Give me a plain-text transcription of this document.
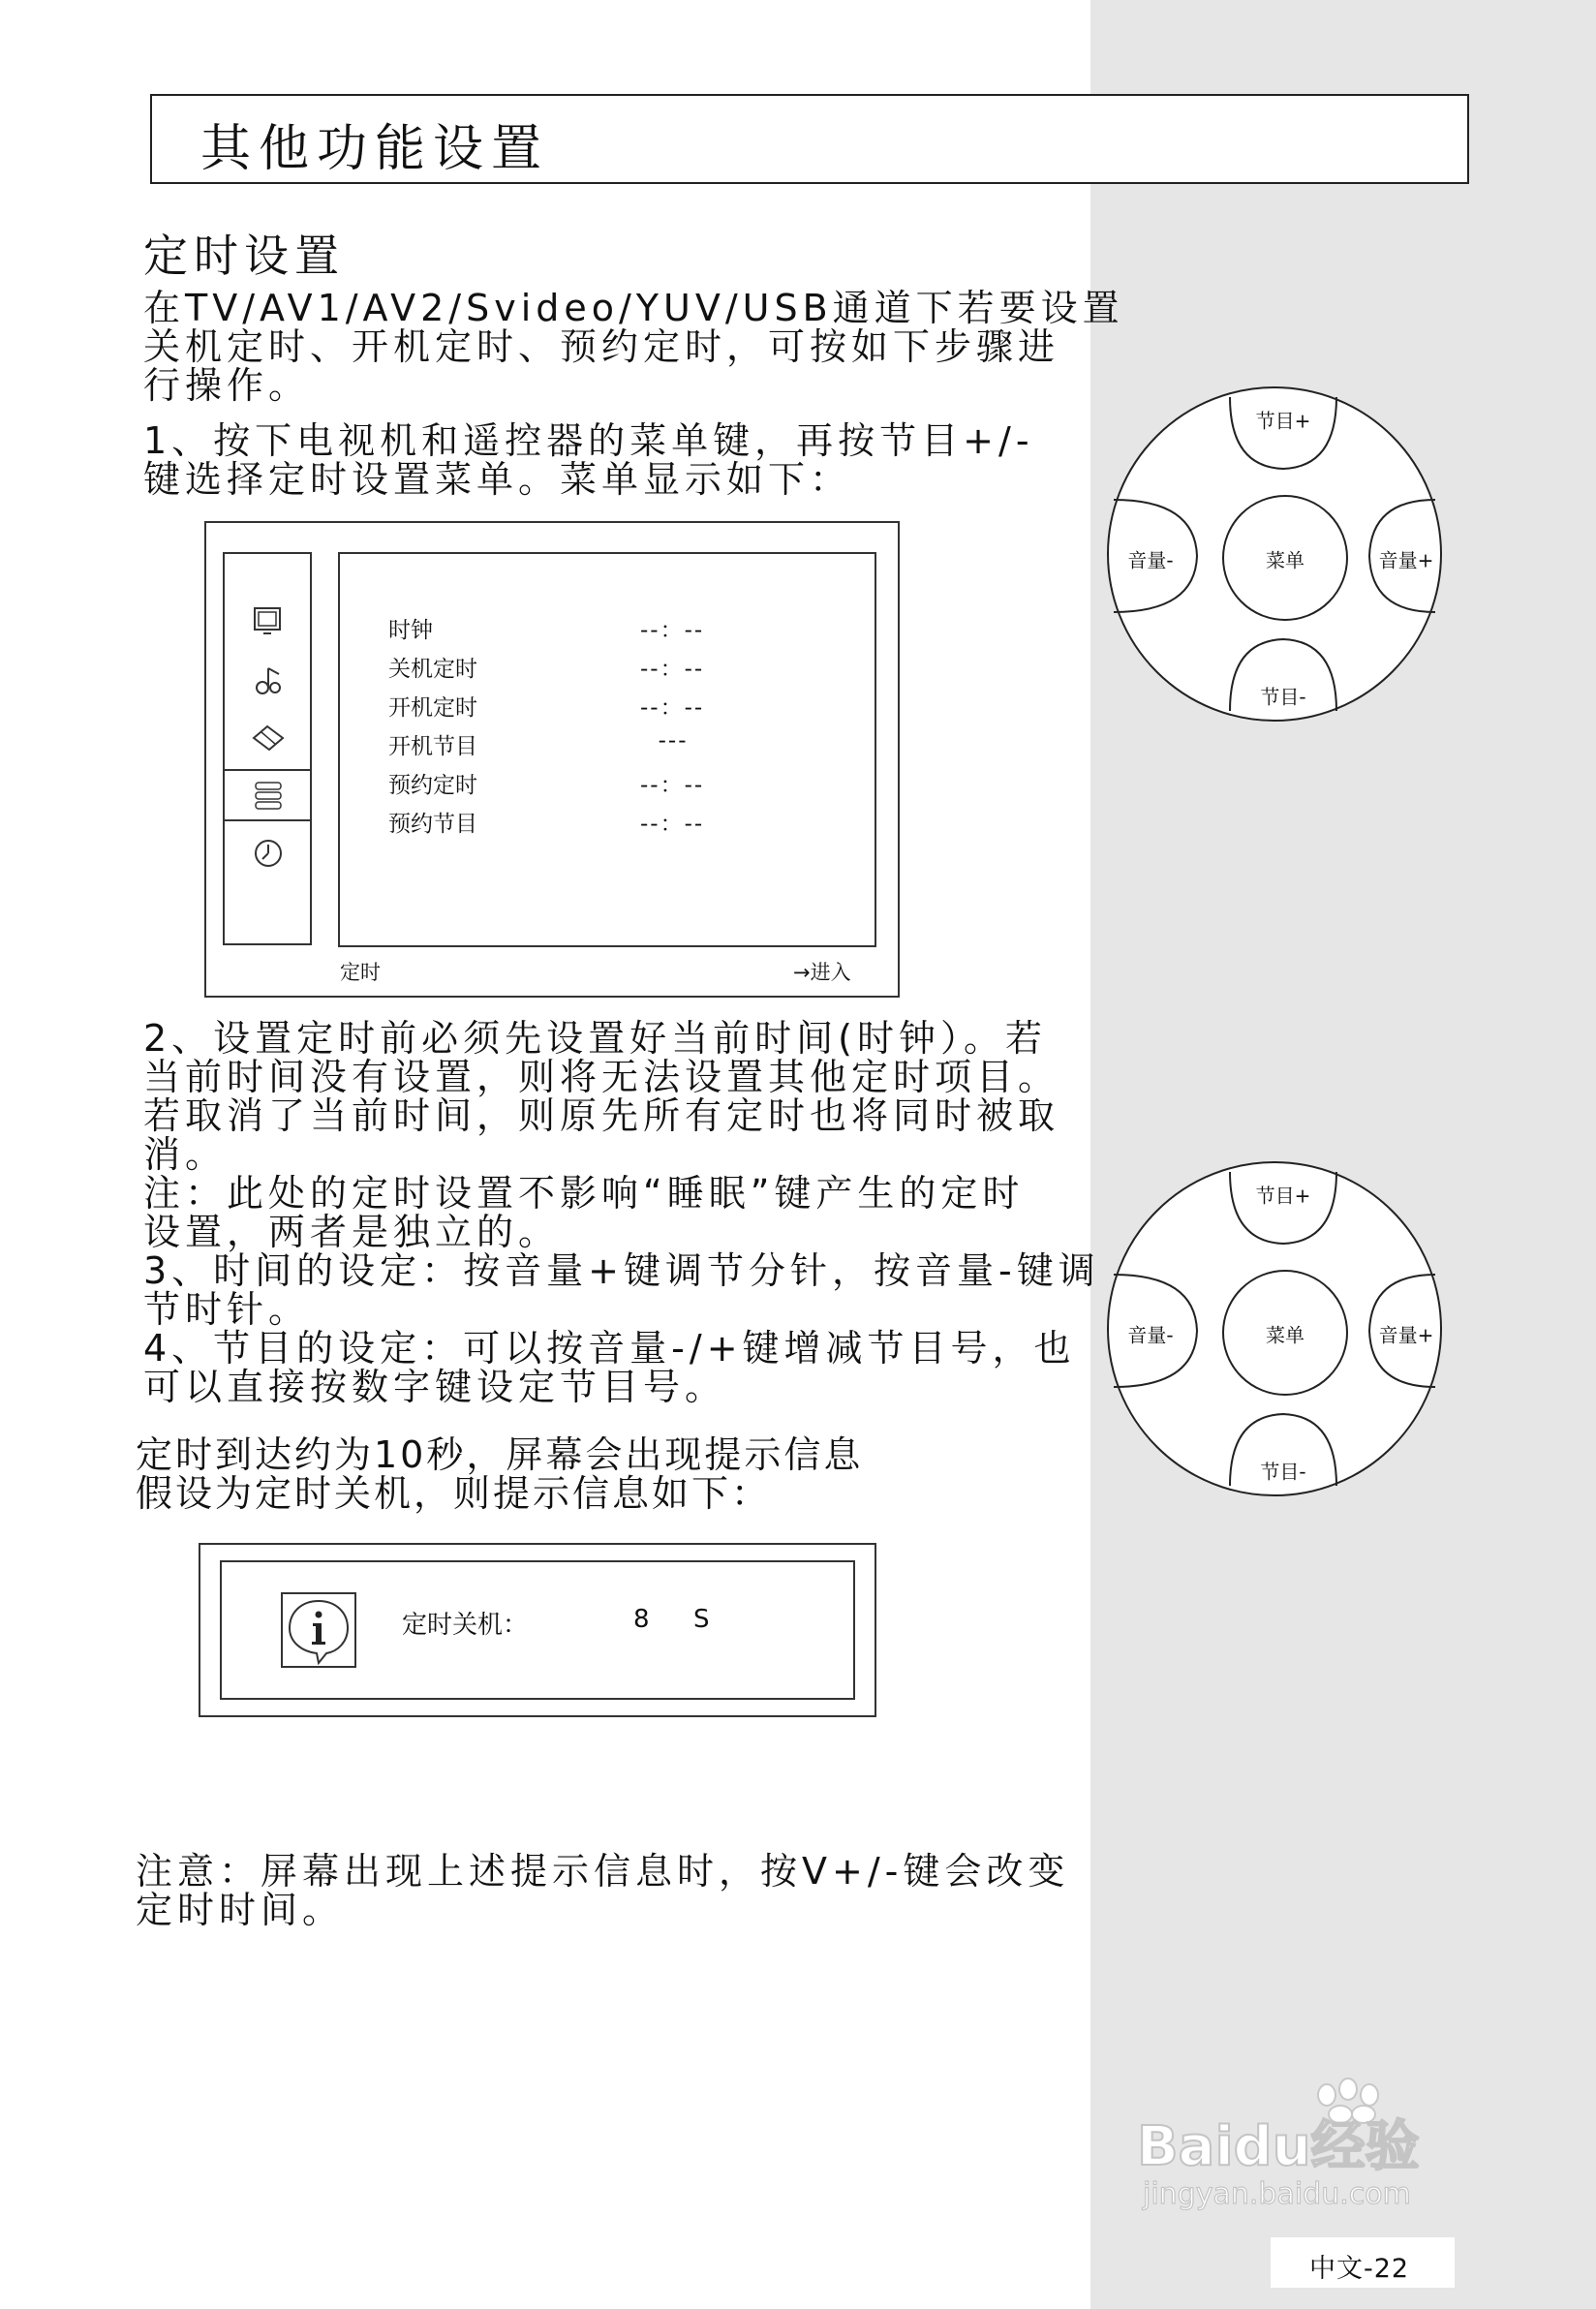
其他功能设置
定时设置
在TV/AV1/AV2/Svideo/YUV/USB通道下若要设置
关机定时、开机定时、预约定时，可按如下步骤进
行操作。
1、按下电视机和遥控器的菜单键，再按节目+/-
键选择定时设置菜单。菜单显示如下：
时钟	--：--
关机定时	--：--
开机定时	--：--
开机节目	---
预约定时	--：--
预约节目	--：--
定时	→进入
节目+
节目-
音量-	音量+
菜单
2、设置定时前必须先设置好当前时间(时钟）。若
当前时间没有设置，则将无法设置其他定时项目。
若取消了当前时间，则原先所有定时也将同时被取
消。
注：此处的定时设置不影响“睡眠”键产生的定时
设置，两者是独立的。
3、时间的设定：按音量+键调节分针，按音量-键调
节时针。
4、节目的设定：可以按音量-/+键增减节目号，也
可以直接按数字键设定节目号。
节目+
节目-
音量-	音量+
菜单
定时到达约为10秒，屏幕会出现提示信息
假设为定时关机，则提示信息如下：
定时关机：	8 S
注意：屏幕出现上述提示信息时，按V+/-键会改变
定时时间。
Baidu经验
jingyan.baidu.com
中文-22
